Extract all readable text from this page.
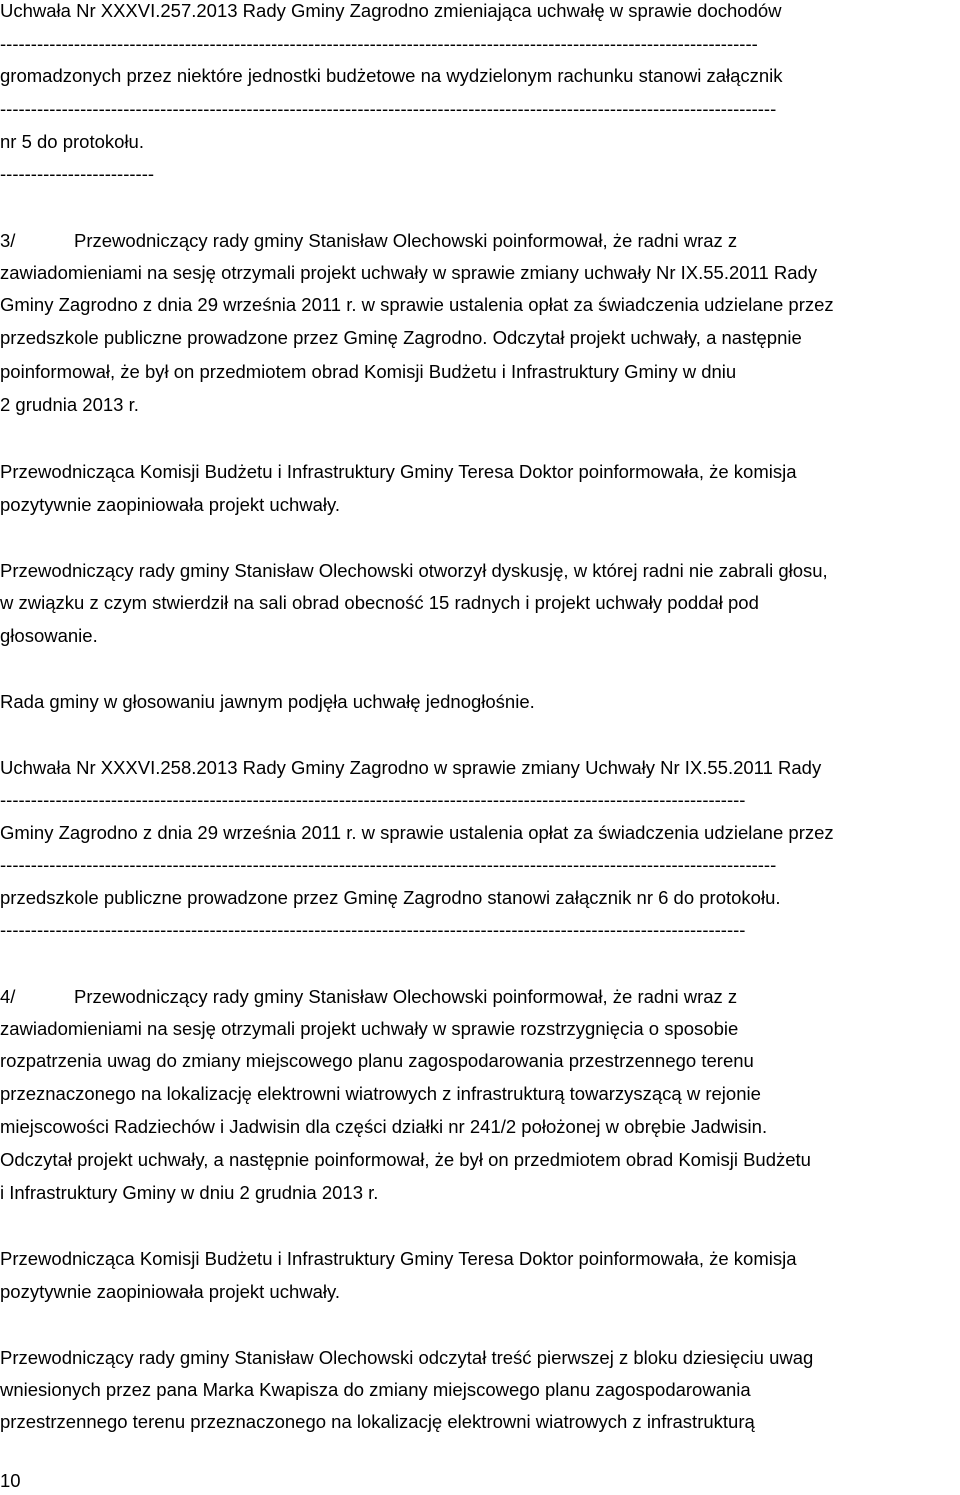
Uchwała Nr XXXVI.257.2013 Rady Gminy Zagrodno zmieniająca uchwałę w sprawie dochodów
---------------------------------------------------------------------------------------------------------------------------
gromadzonych przez niektóre jednostki budżetowe na wydzielonym rachunku stanowi załącznik
------------------------------------------------------------------------------------------------------------------------------
nr 5 do protokołu.
-------------------------
3/	Przewodniczący rady gminy Stanisław Olechowski poinformował, że radni wraz z
zawiadomieniami na sesję otrzymali projekt uchwały w sprawie zmiany uchwały Nr IX.55.2011 Rady
Gminy Zagrodno z dnia 29 września 2011 r. w sprawie ustalenia opłat za świadczenia udzielane przez
przedszkole publiczne prowadzone przez Gminę Zagrodno. Odczytał projekt uchwały, a następnie
poinformował, że był on przedmiotem obrad Komisji Budżetu i Infrastruktury Gminy w dniu
2 grudnia 2013 r.
Przewodnicząca Komisji Budżetu i Infrastruktury Gminy Teresa Doktor poinformowała, że komisja
pozytywnie zaopiniowała projekt uchwały.
Przewodniczący rady gminy Stanisław Olechowski otworzył dyskusję, w której radni nie zabrali głosu,
w związku z czym stwierdził na sali obrad obecność 15 radnych i projekt uchwały poddał pod
głosowanie.
Rada gminy w głosowaniu jawnym podjęła uchwałę jednogłośnie.
Uchwała Nr XXXVI.258.2013 Rady Gminy Zagrodno w sprawie zmiany Uchwały Nr IX.55.2011 Rady
-------------------------------------------------------------------------------------------------------------------------
Gminy Zagrodno z dnia 29 września 2011 r. w sprawie ustalenia opłat za świadczenia udzielane przez
------------------------------------------------------------------------------------------------------------------------------
przedszkole publiczne prowadzone przez Gminę Zagrodno stanowi załącznik nr 6 do protokołu.
-------------------------------------------------------------------------------------------------------------------------
4/	Przewodniczący rady gminy Stanisław Olechowski poinformował, że radni wraz z
zawiadomieniami na sesję otrzymali projekt uchwały w sprawie rozstrzygnięcia o sposobie
rozpatrzenia uwag do zmiany miejscowego planu zagospodarowania przestrzennego terenu
przeznaczonego na lokalizację elektrowni wiatrowych z infrastrukturą towarzyszącą w rejonie
miejscowości Radziechów i Jadwisin dla części działki nr 241/2 położonej w obrębie Jadwisin.
Odczytał projekt uchwały, a następnie poinformował, że był on przedmiotem obrad Komisji Budżetu
i Infrastruktury Gminy w dniu 2 grudnia 2013 r.
Przewodnicząca Komisji Budżetu i Infrastruktury Gminy Teresa Doktor poinformowała, że komisja
pozytywnie zaopiniowała projekt uchwały.
Przewodniczący rady gminy Stanisław Olechowski odczytał treść pierwszej z bloku dziesięciu uwag
wniesionych przez pana Marka Kwapisza do zmiany miejscowego planu zagospodarowania
przestrzennego terenu przeznaczonego na lokalizację elektrowni wiatrowych z infrastrukturą
10
